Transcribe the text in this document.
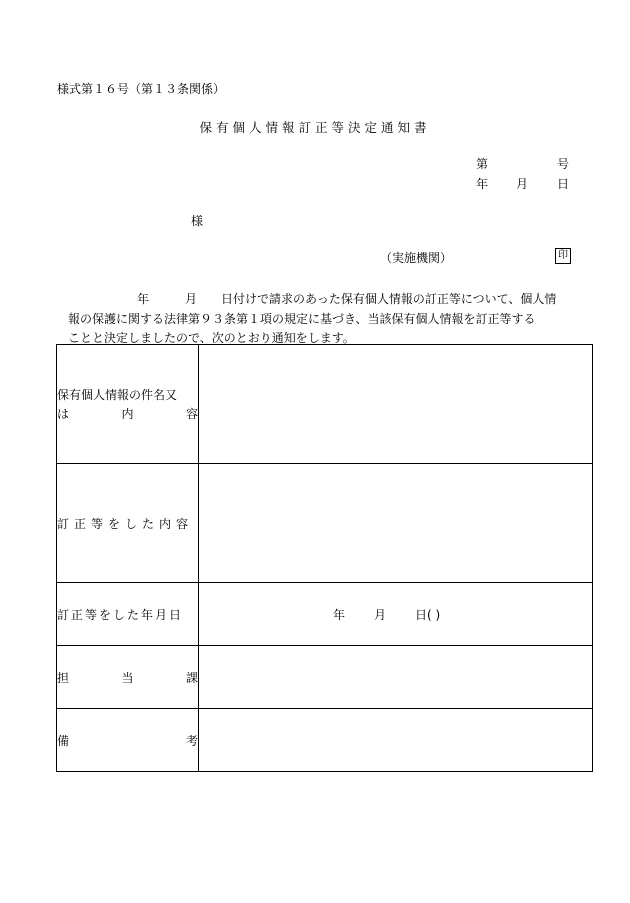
様式第１６号（第１３条関係）
保有個人情報訂正等決定通知書
第	号
年 月 日
様
（実施機関）	印
年	月 日付けで請求のあった保有個人情報の訂正等について、個人情
報の保護に関する法律第９３条第１項の規定に基づき、当該保有個人情報を訂正等する
ことと決定しましたので、次のとおり通知をします。
保有個人情報の件名又
は 内 容	

訂正等をした内容	
訂正等をした年月日	年 月 日( )

担 当 課	

備 考	
